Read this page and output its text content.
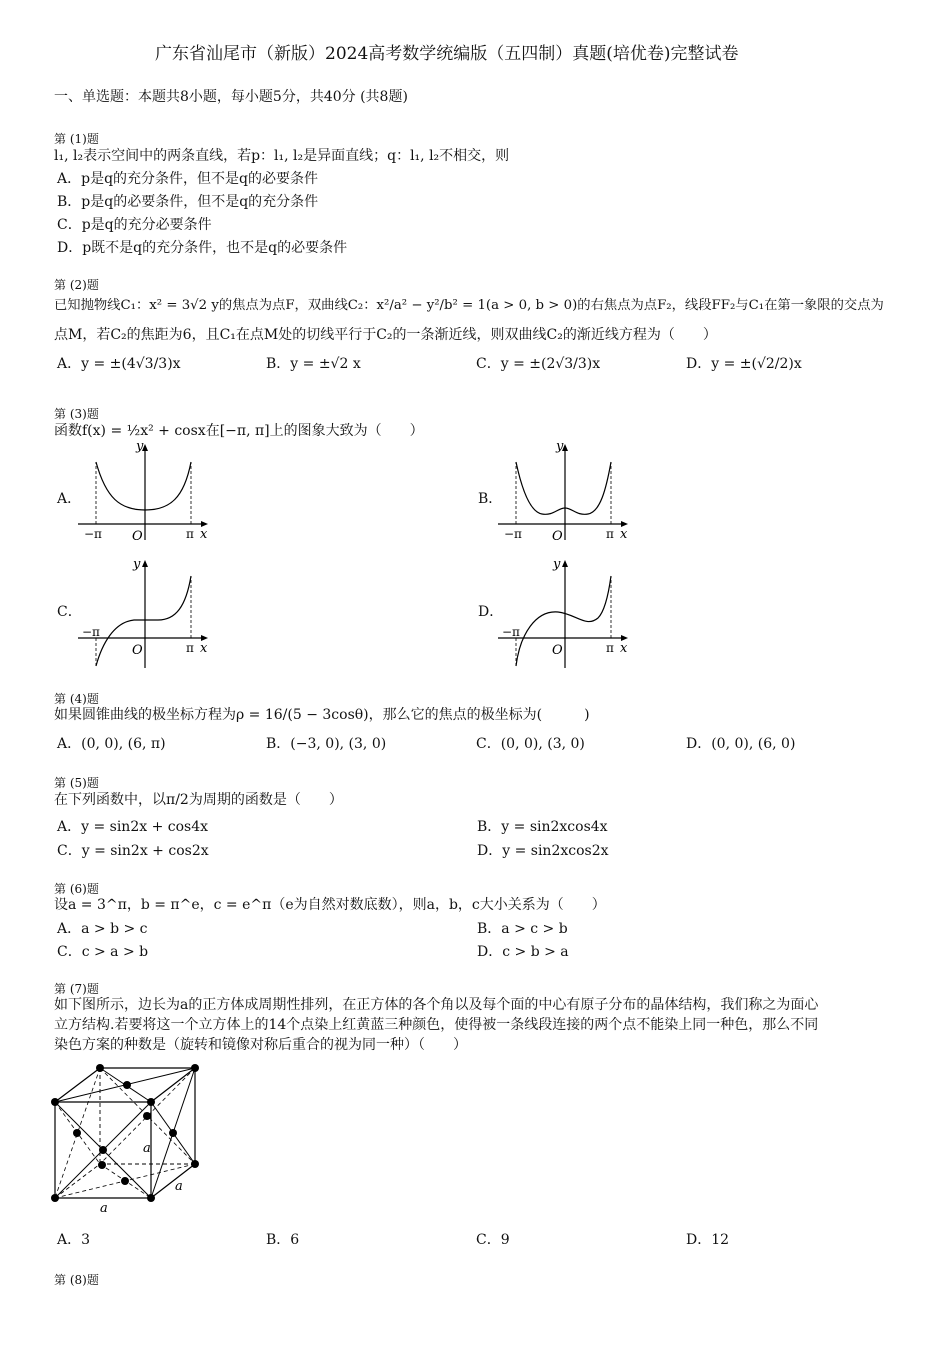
广东省汕尾市（新版）2024高考数学统编版（五四制）真题(培优卷)完整试卷
一、单选题：本题共8小题，每小题5分，共40分 (共8题)
第 (1)题
l₁, l₂表示空间中的两条直线，若p：l₁, l₂是异面直线；q：l₁, l₂不相交，则
A．p是q的充分条件，但不是q的必要条件
B．p是q的必要条件，但不是q的充分条件
C．p是q的充分必要条件
D．p既不是q的充分条件，也不是q的必要条件
第 (2)题
已知抛物线C₁：x² = 3√2 y的焦点为点F，双曲线C₂：x²/a² − y²/b² = 1(a > 0, b > 0)的右焦点为点F₂，线段FF₂与C₁在第一象限的交点为
点M，若C₂的焦距为6，且C₁在点M处的切线平行于C₂的一条渐近线，则双曲线C₂的渐近线方程为（　　）
A．y = ±(4√3/3)x	B．y = ±√2 x	C．y = ±(2√3/3)x	D．y = ±(√2/2)x
第 (3)题
函数f(x) = ½x² + cosx在[−π, π]上的图象大致为（　　）
A．	B．
C．	D．
y
x
O
−π	π
y
x
O
−π	π
y
x
O
−π
π
y
x
O
−π
π
第 (4)题
如果圆锥曲线的极坐标方程为ρ = 16/(5 − 3cosθ)，那么它的焦点的极坐标为(　　　)
A．(0, 0), (6, π)	B．(−3, 0), (3, 0)	C．(0, 0), (3, 0)	D．(0, 0), (6, 0)
第 (5)题
在下列函数中，以π/2为周期的函数是（　　）
A．y = sin2x + cos4x	B．y = sin2xcos4x
C．y = sin2x + cos2x	D．y = sin2xcos2x
第 (6)题
设a = 3^π，b = π^e，c = e^π（e为自然对数底数），则a，b，c大小关系为（　　）
A．a > b > c	B．a > c > b
C．c > a > b	D．c > b > a
第 (7)题
如下图所示，边长为a的正方体成周期性排列，在正方体的各个角以及每个面的中心有原子分布的晶体结构，我们称之为面心
立方结构.若要将这一个立方体上的14个点染上红黄蓝三种颜色，使得被一条线段连接的两个点不能染上同一种色，那么不同
染色方案的种数是（旋转和镜像对称后重合的视为同一种）（　　）
a
a
a
A．3	B．6	C．9	D．12
第 (8)题
